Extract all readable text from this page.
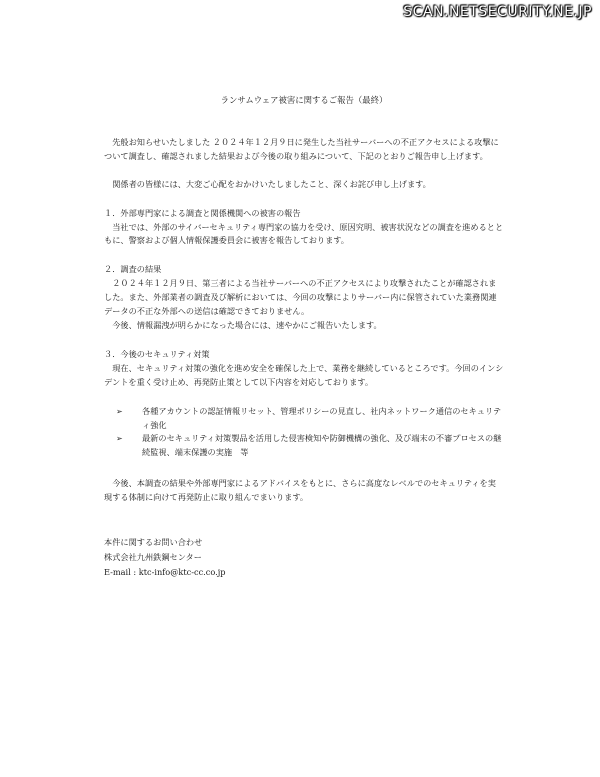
SCAN.NETSECURITY.NE.JP
ランサムウェア被害に関するご報告（最終）

先般お知らせいたしました ２０２４年１２月９日に発生した当社サーバーへの不正アクセスによる攻撃について調査し、確認されました結果および今後の取り組みについて、下記のとおりご報告申し上げます。

関係者の皆様には、大変ご心配をおかけいたしましたこと、深くお詫び申し上げます。

１．外部専門家による調査と関係機関への被害の報告

当社では、外部のサイバーセキュリティ専門家の協力を受け、原因究明、被害状況などの調査を進めるとともに、警察および個人情報保護委員会に被害を報告しております。

２．調査の結果

２０２４年１２月９日、第三者による当社サーバーへの不正アクセスにより攻撃されたことが確認されました。また、外部業者の調査及び解析においては、今回の攻撃によりサーバー内に保管されていた業務関連データの不正な外部への送信は確認できておりません。

今後、情報漏洩が明らかになった場合には、速やかにご報告いたします。

３．今後のセキュリティ対策

現在、セキュリティ対策の強化を進め安全を確保した上で、業務を継続しているところです。今回のインシデントを重く受け止め、再発防止策として以下内容を対応しております。

➢	各種アカウントの認証情報リセット、管理ポリシーの見直し、社内ネットワーク通信のセキュリティ強化
➢	最新のセキュリティ対策製品を活用した侵害検知や防御機構の強化、及び端末の不審プロセスの継続監視、端末保護の実施　等

今後、本調査の結果や外部専門家によるアドバイスをもとに、さらに高度なレベルでのセキュリティを実現する体制に向けて再発防止に取り組んでまいります。

本件に関するお問い合わせ
株式会社九州鉄鋼センター
E-mail : ktc-info@ktc-cc.co.jp
